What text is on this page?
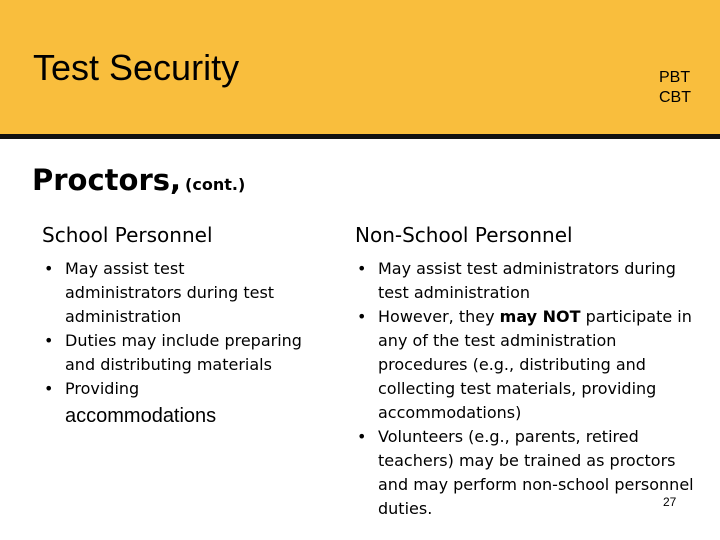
Test Security	PBT
CBT
Proctors, (cont.)
School Personnel
• May assist test administrators during test administration
• Duties may include preparing and distributing materials
• Providing
accommodations
Non-School Personnel
• May assist test administrators during test administration
• However, they may NOT participate in any of the test administration procedures (e.g., distributing and collecting test materials, providing accommodations)
• Volunteers (e.g., parents, retired teachers) may be trained as proctors and may perform non-school personnel duties.	27
